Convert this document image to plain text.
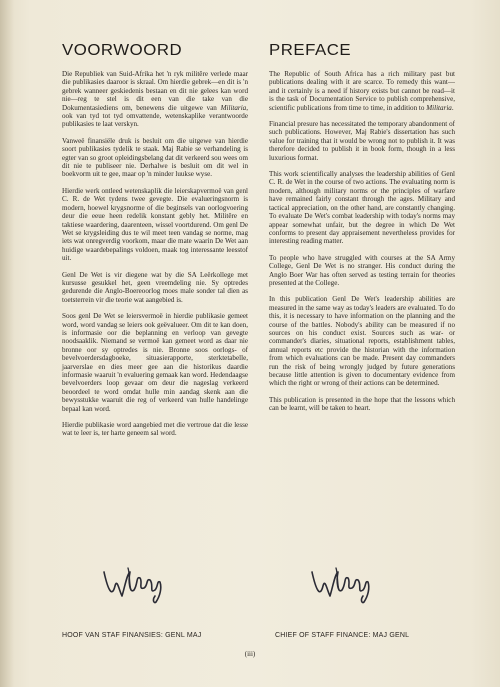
VOORWOORD

Die Republiek van Suid-Afrika het 'n ryk militêre verlede maar die publikasies daaroor is skraal. Om hierdie gebrek—en dit is 'n gebrek wanneer geskiedenis bestaan en dit nie gelees kan word nie—reg te stel is dit een van die take van die Dokumentasiediens om, benewens die uitgewe van Militaria, ook van tyd tot tyd omvattende, wetenskaplike verantwoorde publikasies te laat verskyn.

Vanweë finansiële druk is besluit om die uitgewe van hierdie soort publikasies tydelik te staak. Maj Rabie se verhandeling is egter van so groot opleidingsbelang dat dit verkeerd sou wees om dit nie te publiseer nie. Derhalwe is besluit om dit wel in boekvorm uit te gee, maar op 'n minder luukse wyse.

Hierdie werk ontleed wetenskaplik die leierskapvermoë van genl C. R. de Wet tydens twee gevegte. Die evalueringsnorm is modern, hoewel krygsnorme of die beginsels van oorlogvoering deur die eeue heen redelik konstant gebly het. Militêre en taktiese waardering, daarenteen, wissel voortdurend. Om genl De Wet se krygsleiding dus te wil meet teen vandag se norme, mag iets wat onregverdig voorkom, maar die mate waarin De Wet aan huidige waardebepalings voldoen, maak tog interessante leesstof uit.

Genl De Wet is vir diegene wat by die SA Leërkollege met kursusse gesukkel het, geen vreemdeling nie. Sy optredes gedurende die Anglo-Boereoorlog moes male sonder tal dien as toetsterrein vir die teorie wat aangebied is.

Soos genl De Wet se leiersvermoë in hierdie publikasie gemeet word, word vandag se leiers ook geëvalueer. Om dit te kan doen, is informasie oor die beplanning en verloop van gevegte noodsaaklik. Niemand se vermoë kan gemeet word as daar nie bronne oor sy optredes is nie. Bronne soos oorlogs- of bevelvoerdersdagboeke, situasierapporte, sterktetabelle, jaarverslae en dies meer gee aan die historikus daardie informasie waaruit 'n evaluering gemaak kan word. Hedendaagse bevelvoerders loop gevaar om deur die nageslag verkeerd beoordeel te word omdat hulle min aandag skenk aan die bewysstukke waaruit die reg of verkeerd van hulle handelinge bepaal kan word.

Hierdie publikasie word aangebied met die vertroue dat die lesse wat te leer is, ter harte geneem sal word.

PREFACE

The Republic of South Africa has a rich military past but publications dealing with it are scarce. To remedy this want—and it certainly is a need if history exists but cannot be read—it is the task of Documentation Service to publish comprehensive, scientific publications from time to time, in addition to Militaria.

Financial presure has necessitated the temporary abandonment of such publications. However, Maj Rabie's dissertation has such value for training that it would be wrong not to publish it. It was therefore decided to publish it in book form, though in a less luxurious format.

This work scientifically analyses the leadership abilities of Genl C. R. de Wet in the course of two actions. The evaluating norm is modern, although military norms or the principles of warfare have remained fairly constant through the ages. Military and tactical appreciation, on the other hand, are constantly changing. To evaluate De Wet's combat leadership with today's norms may appear somewhat unfair, but the degree in which De Wet conforms to present day appraisement nevertheless provides for interesting reading matter.

To people who have struggled with courses at the SA Army College, Genl De Wet is no stranger. His conduct during the Anglo Boer War has often served as testing terrain for theories presented at the College.

In this publication Genl De Wet's leadership abilities are measured in the same way as today's leaders are evaluated. To do this, it is necessary to have information on the planning and the course of the battles. Nobody's ability can be measured if no sources on his conduct exist. Sources such as war- or commander's diaries, situational reports, establishment tables, annual reports etc provide the historian with the information from which evaluations can be made. Present day commanders run the risk of being wrongly judged by future generations because little attention is given to documentary evidence from which the right or wrong of their actions can be determined.

This publication is presented in the hope that the lessons which can be learnt, will be taken to heart.

HOOF VAN STAF FINANSIES: GENL MAJ	CHIEF OF STAFF FINANCE: MAJ GENL
(iii)
